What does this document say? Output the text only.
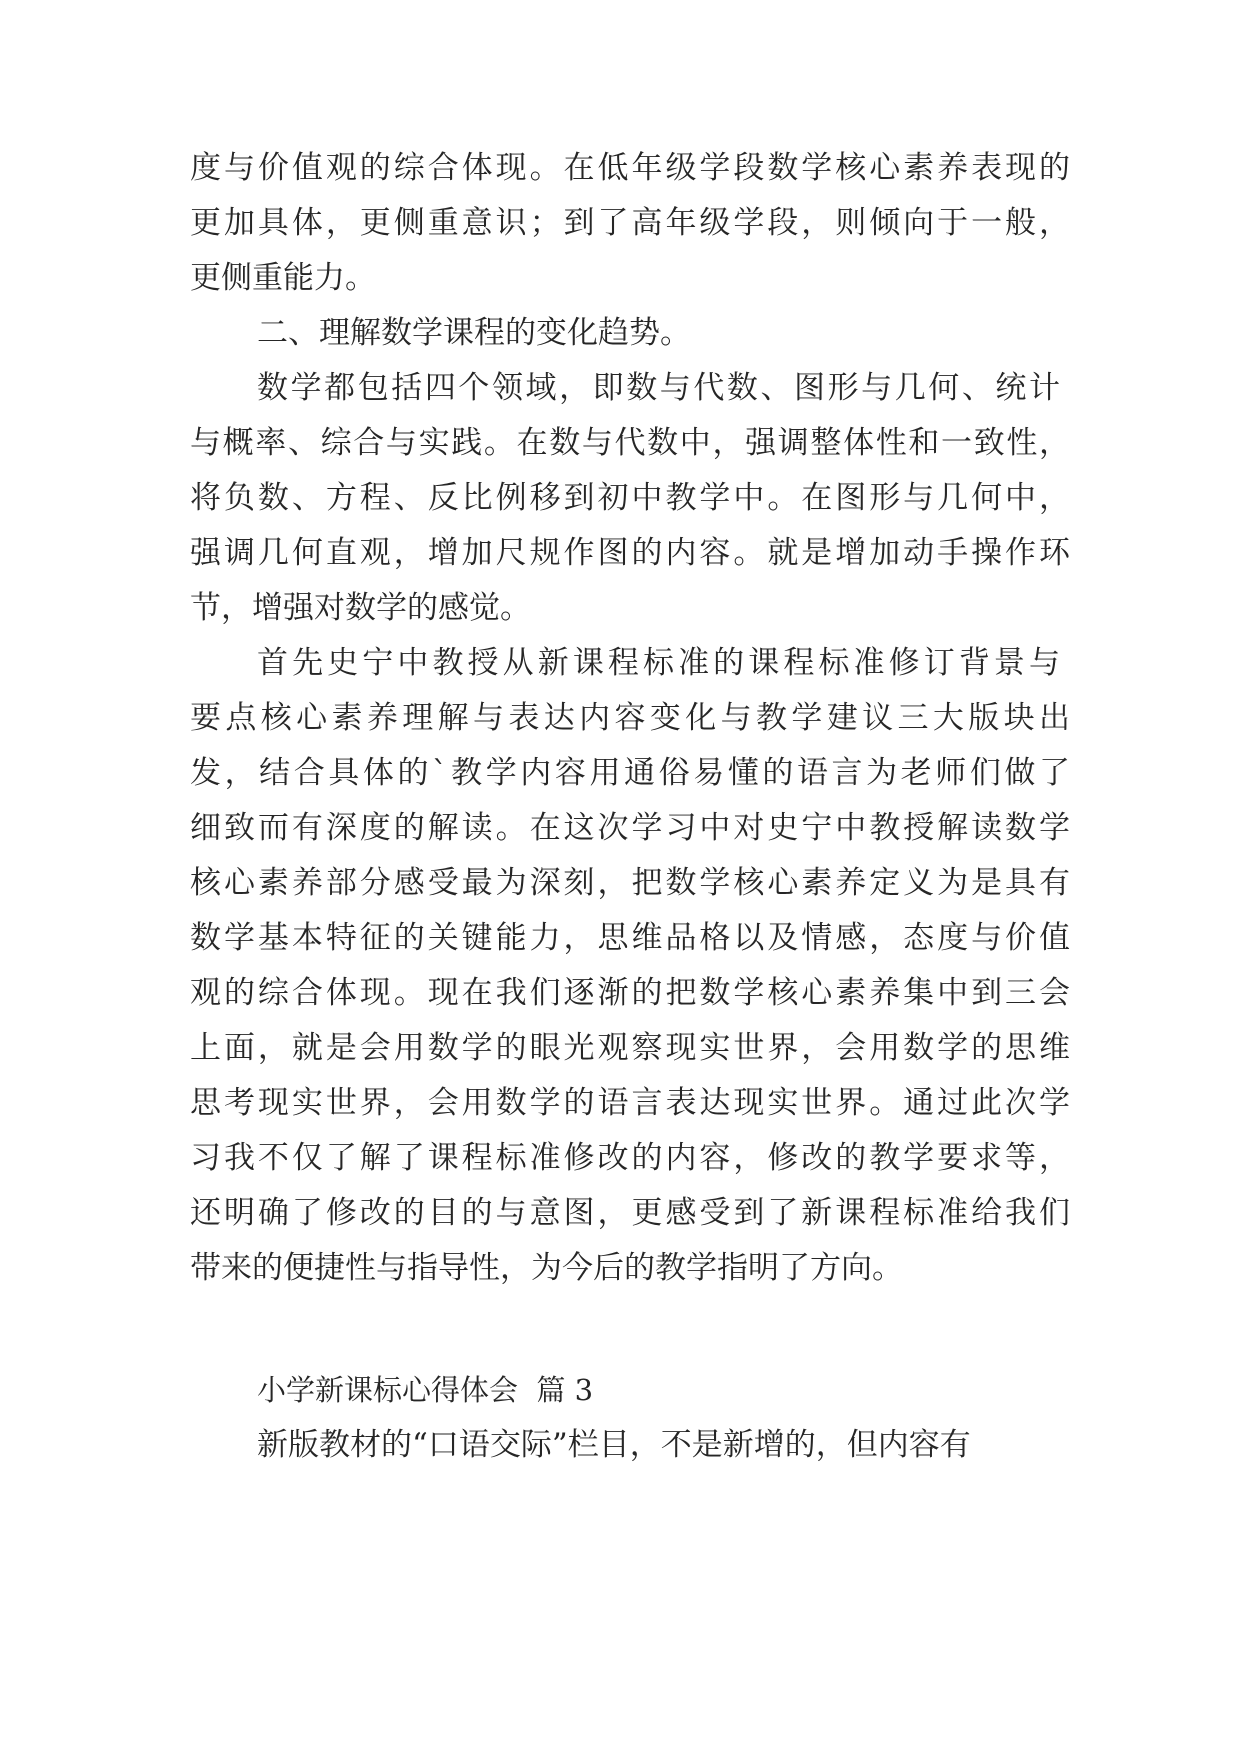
度与价值观的综合体现。在低年级学段数学核心素养表现的
更加具体，更侧重意识；到了高年级学段，则倾向于一般，
更侧重能力。
二、理解数学课程的变化趋势。
数学都包括四个领域，即数与代数、图形与几何、统计
与概率、综合与实践。在数与代数中，强调整体性和一致性，
将负数、方程、反比例移到初中教学中。在图形与几何中，
强调几何直观，增加尺规作图的内容。就是增加动手操作环
节，增强对数学的感觉。
首先史宁中教授从新课程标准的课程标准修订背景与
要点核心素养理解与表达内容变化与教学建议三大版块出
发，结合具体的`教学内容用通俗易懂的语言为老师们做了
细致而有深度的解读。在这次学习中对史宁中教授解读数学
核心素养部分感受最为深刻，把数学核心素养定义为是具有
数学基本特征的关键能力，思维品格以及情感，态度与价值
观的综合体现。现在我们逐渐的把数学核心素养集中到三会
上面，就是会用数学的眼光观察现实世界，会用数学的思维
思考现实世界，会用数学的语言表达现实世界。通过此次学
习我不仅了解了课程标准修改的内容，修改的教学要求等，
还明确了修改的目的与意图，更感受到了新课程标准给我们
带来的便捷性与指导性，为今后的教学指明了方向。
小学新课标心得体会  篇 3
新版教材的“口语交际”栏目，不是新增的，但内容有
